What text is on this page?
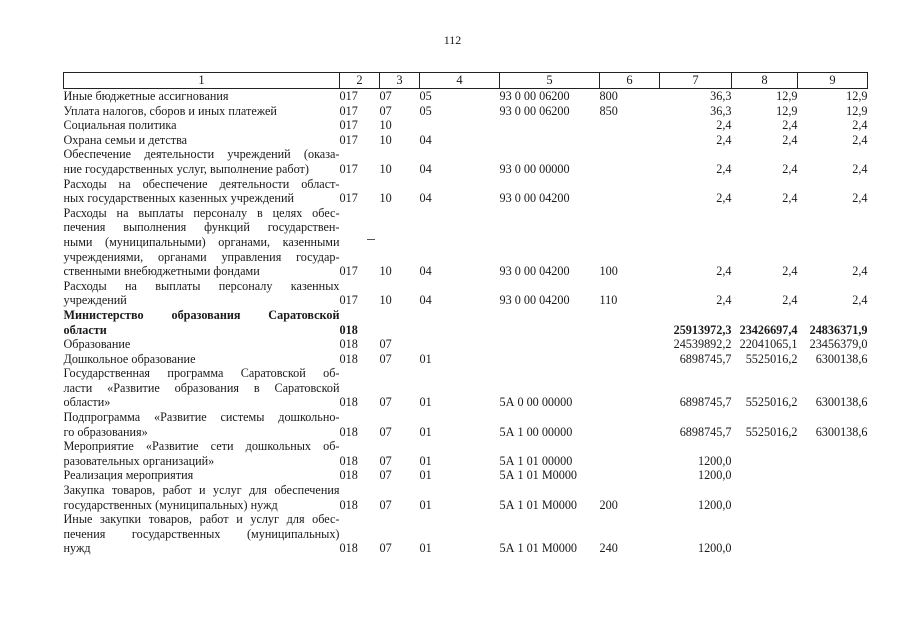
112
1	2	3	4	5	6	7	8	9

Иные бюджетные ассигнования	017	07	05	93 0 00 06200	800	36,3	12,9	12,9

Уплата налогов, сборов и иных платежей	017	07	05	93 0 00 06200	850	36,3	12,9	12,9

Социальная политика	017	10				2,4	2,4	2,4

Охрана семьи и детства	017	10	04			2,4	2,4	2,4

Обеспечение деятельности учреждений (оказа-
ние государственных услуг, выполнение работ)	017	10	04	93 0 00 00000		2,4	2,4	2,4

Расходы на обеспечение деятельности област-
ных государственных казенных учреждений	017	10	04	93 0 00 04200		2,4	2,4	2,4

Расходы на выплаты персоналу в целях обес-
печения выполнения функций государствен-
ными (муниципальными) органами, казенными
учреждениями, органами управления государ-
ственными внебюджетными фондами	017	10	04	93 0 00 04200	100	2,4	2,4	2,4

Расходы на выплаты персоналу казенных
учреждений	017	10	04	93 0 00 04200	110	2,4	2,4	2,4

Министерство образования Саратовской
области	018					25913972,3	23426697,4	24836371,9

Образование	018	07				24539892,2	22041065,1	23456379,0

Дошкольное образование	018	07	01			6898745,7	5525016,2	6300138,6

Государственная программа Саратовской об-
ласти «Развитие образования в Саратовской
области»	018	07	01	5А 0 00 00000		6898745,7	5525016,2	6300138,6

Подпрограмма «Развитие системы дошкольно-
го образования»	018	07	01	5А 1 00 00000		6898745,7	5525016,2	6300138,6

Мероприятие «Развитие сети дошкольных об-
разовательных организаций»	018	07	01	5А 1 01 00000		1200,0		

Реализация мероприятия	018	07	01	5А 1 01 М0000		1200,0		

Закупка товаров, работ и услуг для обеспечения
государственных (муниципальных) нужд	018	07	01	5А 1 01 М0000	200	1200,0		

Иные закупки товаров, работ и услуг для обес-
печения государственных (муниципальных)
нужд	018	07	01	5А 1 01 М0000	240	1200,0		
